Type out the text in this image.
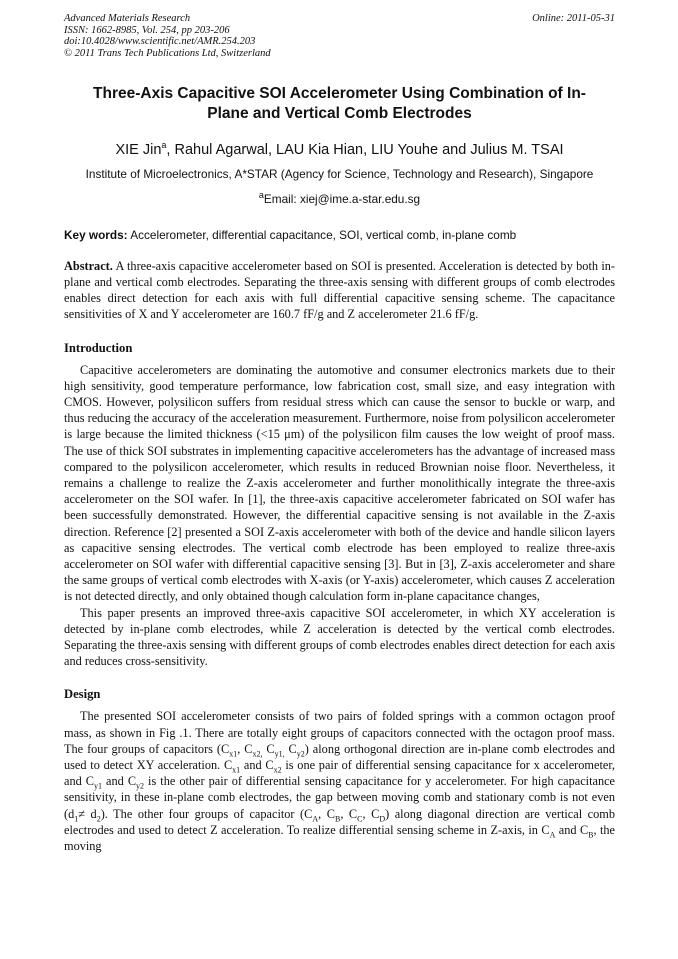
Advanced Materials Research
ISSN: 1662-8985, Vol. 254, pp 203-206
doi:10.4028/www.scientific.net/AMR.254.203
© 2011 Trans Tech Publications Ltd, Switzerland
Online: 2011-05-31
Three-Axis Capacitive SOI Accelerometer Using Combination of In-Plane and Vertical Comb Electrodes
XIE Jin$^a$, Rahul Agarwal, LAU Kia Hian, LIU Youhe and Julius M. TSAI
Institute of Microelectronics, A*STAR (Agency for Science, Technology and Research), Singapore
$^a$Email: xiej@ime.a-star.edu.sg
Key words: Accelerometer, differential capacitance, SOI, vertical comb, in-plane comb
Abstract. A three-axis capacitive accelerometer based on SOI is presented. Acceleration is detected by both in-plane and vertical comb electrodes. Separating the three-axis sensing with different groups of comb electrodes enables direct detection for each axis with full differential capacitive sensing scheme. The capacitance sensitivities of X and Y accelerometer are 160.7 fF/g and Z accelerometer 21.6 fF/g.
Introduction

Capacitive accelerometers are dominating the automotive and consumer electronics markets due to their high sensitivity, good temperature performance, low fabrication cost, small size, and easy integration with CMOS. However, polysilicon suffers from residual stress which can cause the sensor to buckle or warp, and thus reducing the accuracy of the acceleration measurement. Furthermore, noise from polysilicon accelerometer is large because the limited thickness (<15 μm) of the polysilicon film causes the low weight of proof mass. The use of thick SOI substrates in implementing capacitive accelerometers has the advantage of increased mass compared to the polysilicon accelerometer, which results in reduced Brownian noise floor. Nevertheless, it remains a challenge to realize the Z-axis accelerometer and further monolithically integrate the three-axis accelerometer on the SOI wafer. In [1], the three-axis capacitive accelerometer fabricated on SOI wafer has been successfully demonstrated. However, the differential capacitive sensing is not available in the Z-axis direction. Reference [2] presented a SOI Z-axis accelerometer with both of the device and handle silicon layers as capacitive sensing electrodes. The vertical comb electrode has been employed to realize three-axis accelerometer on SOI wafer with differential capacitive sensing [3]. But in [3], Z-axis accelerometer and share the same groups of vertical comb electrodes with X-axis (or Y-axis) accelerometer, which causes Z acceleration is not detected directly, and only obtained though calculation form in-plane capacitance changes,

This paper presents an improved three-axis capacitive SOI accelerometer, in which XY acceleration is detected by in-plane comb electrodes, while Z acceleration is detected by the vertical comb electrodes. Separating the three-axis sensing with different groups of comb electrodes enables direct detection for each axis and reduces cross-sensitivity.

Design

The presented SOI accelerometer consists of two pairs of folded springs with a common octagon proof mass, as shown in Fig .1. There are totally eight groups of capacitors connected with the octagon proof mass. The four groups of capacitors ($C_{x1}$, $C_{x2,}$ $C_{y1,}$ $C_{y2}$) along orthogonal direction are in-plane comb electrodes and used to detect XY acceleration. $C_{x1}$ and $C_{x2}$ is one pair of differential sensing capacitance for x accelerometer, and $C_{y1}$ and $C_{y2}$ is the other pair of differential sensing capacitance for y accelerometer. For high capacitance sensitivity, in these in-plane comb electrodes, the gap between moving comb and stationary comb is not even $(d_1\ne d_2)$. The other four groups of capacitor ($C_A$, $C_B$, $C_C$, $C_D$) along diagonal direction are vertical comb electrodes and used to detect Z acceleration. To realize differential sensing scheme in Z-axis, in $C_A$ and $C_B$, the moving
